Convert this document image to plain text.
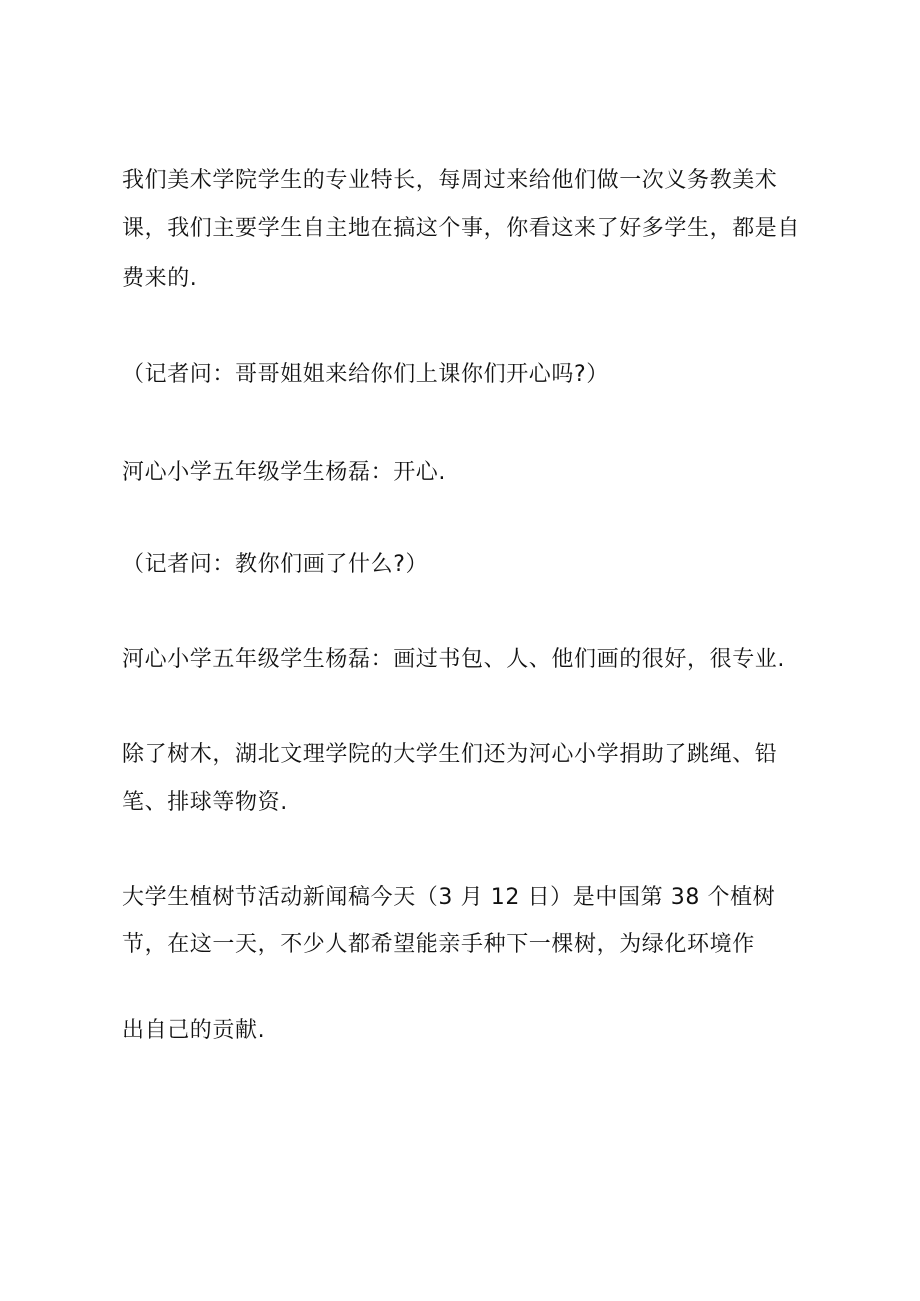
我们美术学院学生的专业特长，每周过来给他们做一次义务教美术
课，我们主要学生自主地在搞这个事，你看这来了好多学生，都是自
费来的.
（记者问：哥哥姐姐来给你们上课你们开心吗?）
河心小学五年级学生杨磊：开心.
（记者问：教你们画了什么?）
河心小学五年级学生杨磊：画过书包、人、他们画的很好，很专业.
除了树木，湖北文理学院的大学生们还为河心小学捐助了跳绳、铅
笔、排球等物资.
大学生植树节活动新闻稿今天（3 月 12 日）是中国第 38 个植树
节，在这一天，不少人都希望能亲手种下一棵树，为绿化环境作
出自己的贡献.
